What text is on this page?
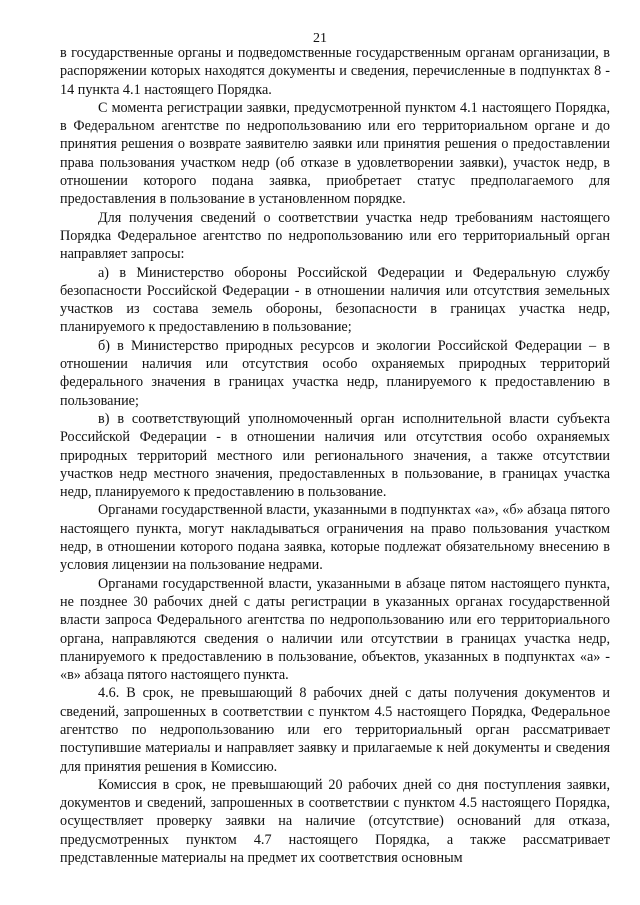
21

в государственные органы и подведомственные государственным органам организации, в распоряжении которых находятся документы и сведения, перечисленные в подпунктах 8 - 14 пункта 4.1 настоящего Порядка.

С момента регистрации заявки, предусмотренной пунктом 4.1 настоящего Порядка, в Федеральном агентстве по недропользованию или его территориальном органе и до принятия решения о возврате заявителю заявки или принятия решения о предоставлении права пользования участком недр (об отказе в удовлетворении заявки), участок недр, в отношении которого подана заявка, приобретает статус предполагаемого для предоставления в пользование в установленном порядке.

Для получения сведений о соответствии участка недр требованиям настоящего Порядка Федеральное агентство по недропользованию или его территориальный орган направляет запросы:

а) в Министерство обороны Российской Федерации и Федеральную службу безопасности Российской Федерации - в отношении наличия или отсутствия земельных участков из состава земель обороны, безопасности в границах участка недр, планируемого к предоставлению в пользование;

б) в Министерство природных ресурсов и экологии Российской Федерации – в отношении наличия или отсутствия особо охраняемых природных территорий федерального значения в границах участка недр, планируемого к предоставлению в пользование;

в) в соответствующий уполномоченный орган исполнительной власти субъекта Российской Федерации - в отношении наличия или отсутствия особо охраняемых природных территорий местного или регионального значения, а также отсутствии участков недр местного значения, предоставленных в пользование, в границах участка недр, планируемого к предоставлению в пользование.

Органами государственной власти, указанными в подпунктах «а», «б» абзаца пятого настоящего пункта, могут накладываться ограничения на право пользования участком недр, в отношении которого подана заявка, которые подлежат обязательному внесению в условия лицензии на пользование недрами.

Органами государственной власти, указанными в абзаце пятом настоящего пункта, не позднее 30 рабочих дней с даты регистрации в указанных органах государственной власти запроса Федерального агентства по недропользованию или его территориального органа, направляются сведения о наличии или отсутствии в границах участка недр, планируемого к предоставлению в пользование, объектов, указанных в подпунктах «а» - «в» абзаца пятого настоящего пункта.

4.6. В срок, не превышающий 8 рабочих дней с даты получения документов и сведений, запрошенных в соответствии с пунктом 4.5 настоящего Порядка, Федеральное агентство по недропользованию или его территориальный орган рассматривает поступившие материалы и направляет заявку и прилагаемые к ней документы и сведения для принятия решения в Комиссию.

Комиссия в срок, не превышающий 20 рабочих дней со дня поступления заявки, документов и сведений, запрошенных в соответствии с пунктом 4.5 настоящего Порядка, осуществляет проверку заявки на наличие (отсутствие) оснований для отказа, предусмотренных пунктом 4.7 настоящего Порядка, а также рассматривает представленные материалы на предмет их соответствия основным
